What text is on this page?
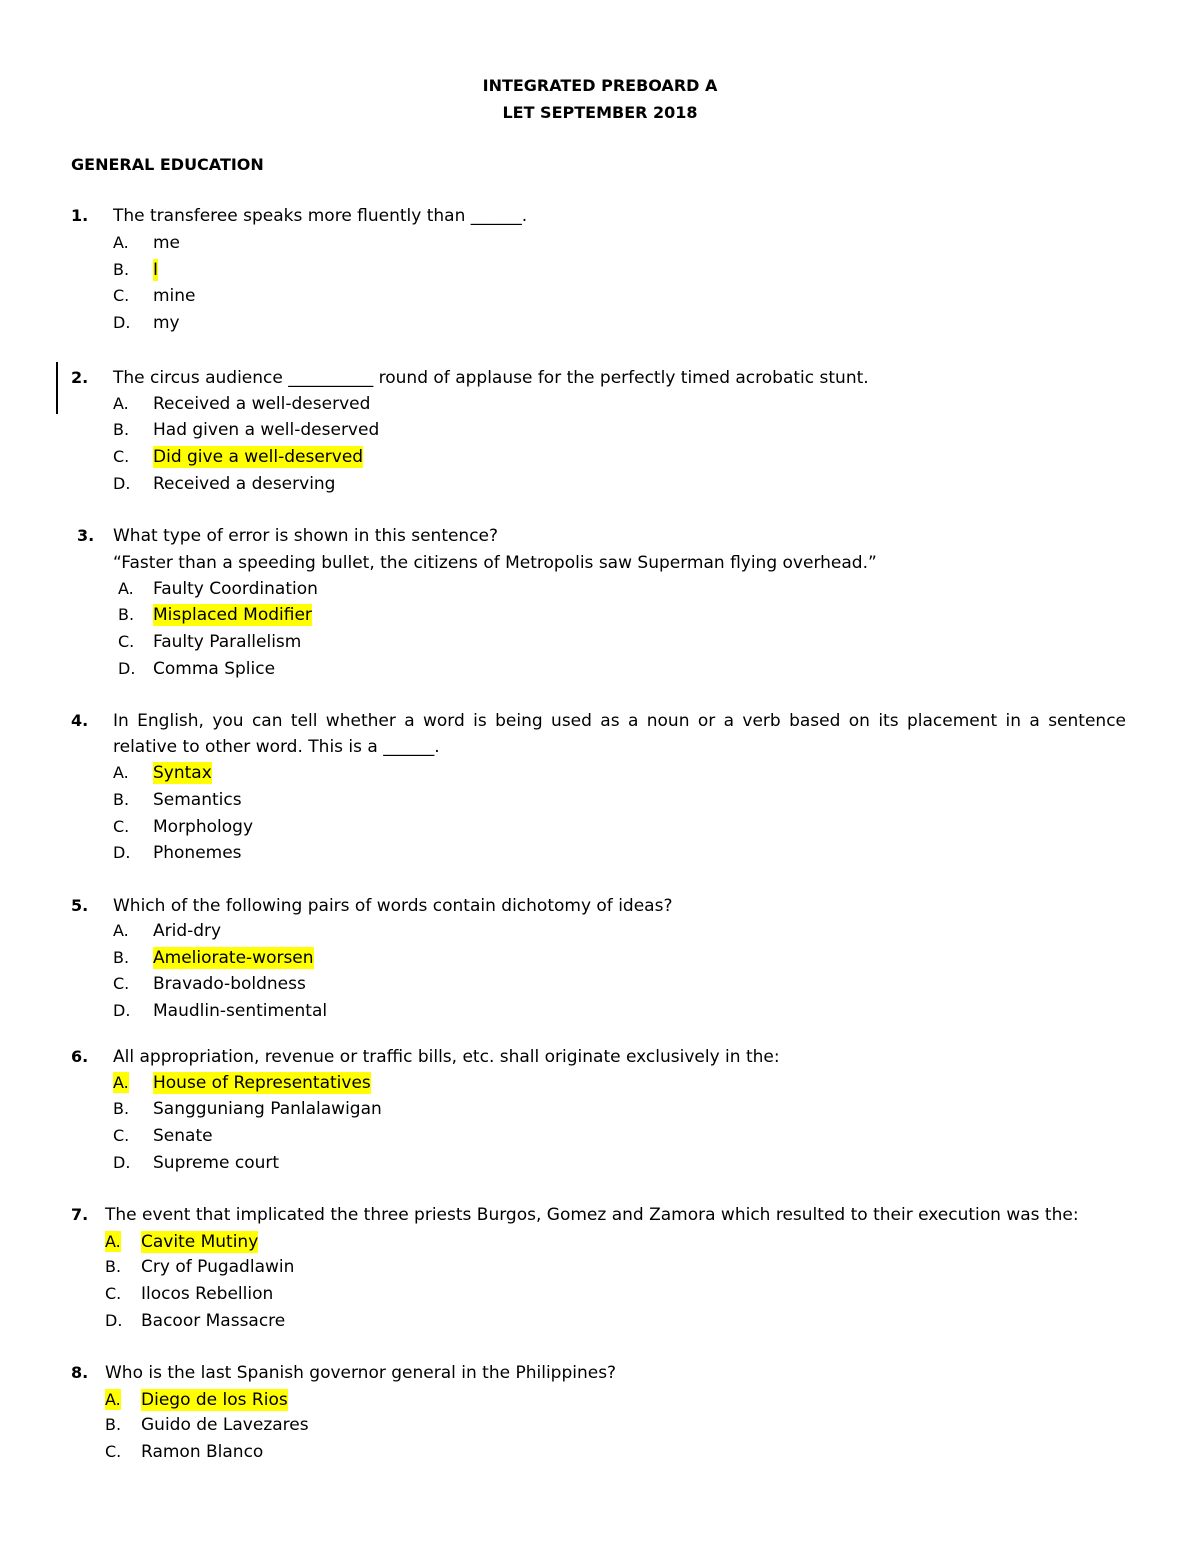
INTEGRATED PREBOARD A
LET SEPTEMBER 2018
GENERAL EDUCATION
1. The transferee speaks more fluently than ______.
A. me
B. I
C. mine
D. my
2. The circus audience __________ round of applause for the perfectly timed acrobatic stunt.
A. Received a well-deserved
B. Had given a well-deserved
C. Did give a well-deserved
D. Received a deserving
3. What type of error is shown in this sentence?
“Faster than a speeding bullet, the citizens of Metropolis saw Superman flying overhead.”
A. Faulty Coordination
B. Misplaced Modifier
C. Faulty Parallelism
D. Comma Splice
4. In English, you can tell whether a word is being used as a noun or a verb based on its placement in a sentence
relative to other word. This is a ______.
A. Syntax
B. Semantics
C. Morphology
D. Phonemes
5. Which of the following pairs of words contain dichotomy of ideas?
A. Arid-dry
B. Ameliorate-worsen
C. Bravado-boldness
D. Maudlin-sentimental
6. All appropriation, revenue or traffic bills, etc. shall originate exclusively in the:
A. House of Representatives
B. Sangguniang Panlalawigan
C. Senate
D. Supreme court
7. The event that implicated the three priests Burgos, Gomez and Zamora which resulted to their execution was the:
A. Cavite Mutiny
B. Cry of Pugadlawin
C. Ilocos Rebellion
D. Bacoor Massacre
8. Who is the last Spanish governor general in the Philippines?
A. Diego de los Rios
B. Guido de Lavezares
C. Ramon Blanco
